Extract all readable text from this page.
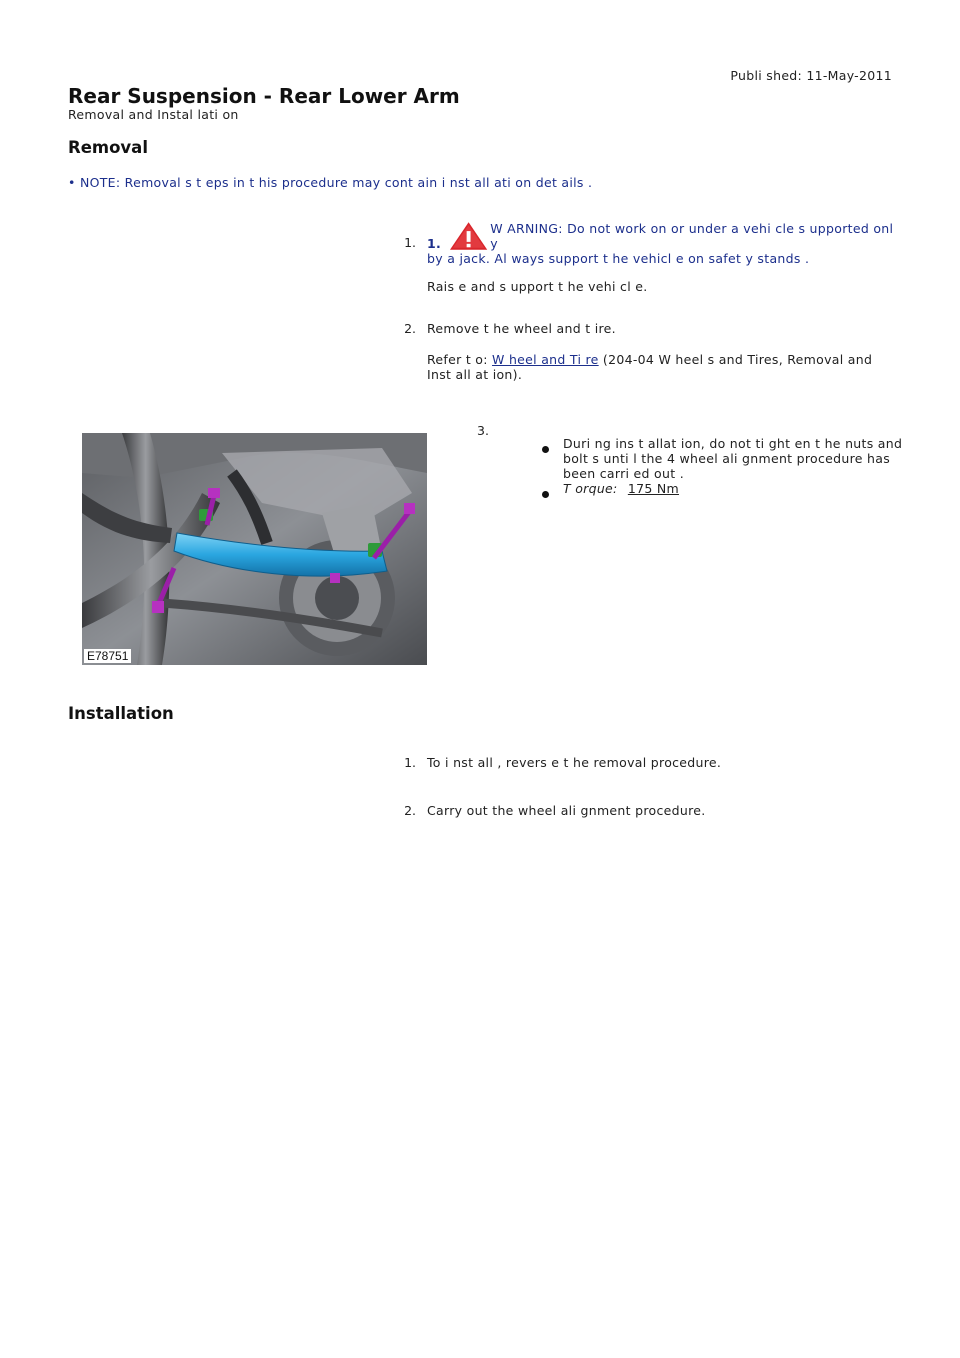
Publi shed: 11-May-2011
Rear Suspension - Rear Lower Arm
Removal and Instal lati on
Removal
• NOTE: Removal s t eps in t his procedure may cont ain i nst all ati on det ails .
1. 1.
W ARNING: Do not work on or under a vehi cle s upported onl y
by a jack. Al ways support t he vehicl e on safet y stands .
Rais e and s upport t he vehi cl e.
2. Remove t he wheel and t ire.
Refer t o: W heel and Ti re (204-04 W heel s and Tires, Removal and
Inst all at ion).
3.
Duri ng ins t allat ion, do not ti ght en t he nuts and
bolt s unti l the 4 wheel ali gnment procedure has
been carri ed out .
T orque: 175 Nm
E78751
Installation
1. To i nst all , revers e t he removal procedure.
2. Carry out the wheel ali gnment procedure.
